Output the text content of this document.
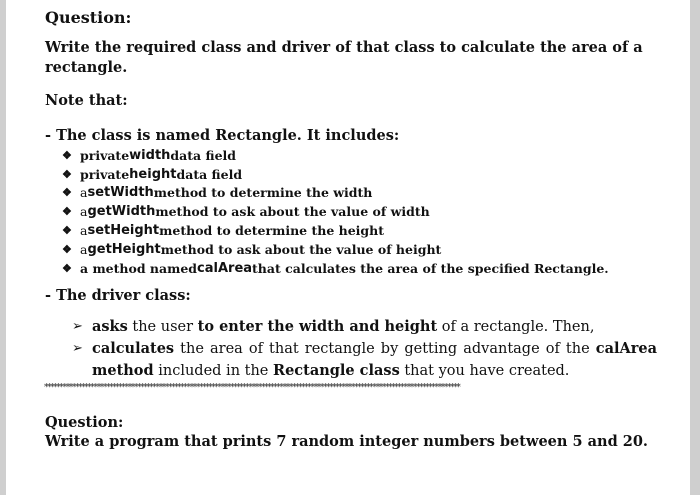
Question:

Write the required class and driver of that class to calculate the area of a
rectangle.

Note that:

- The class is named Rectangle. It includes:

❖ private width data field
❖ private height data field
❖ a setWidth method to determine the width
❖ a getWidth method to ask about the value of width
❖ a setHeight method to determine the height
❖ a getHeight method to ask about the value of height
❖ a method named calArea that calculates the area of the specified Rectangle.

- The driver class:

➢ asks the user to enter the width and height of a rectangle. Then,
➢ calculates the area of that rectangle by getting advantage of the calArea method included in the Rectangle class that you have created.
**************************************************************************************************************************************

Question:

Write a program that prints 7 random integer numbers between 5 and 20.
